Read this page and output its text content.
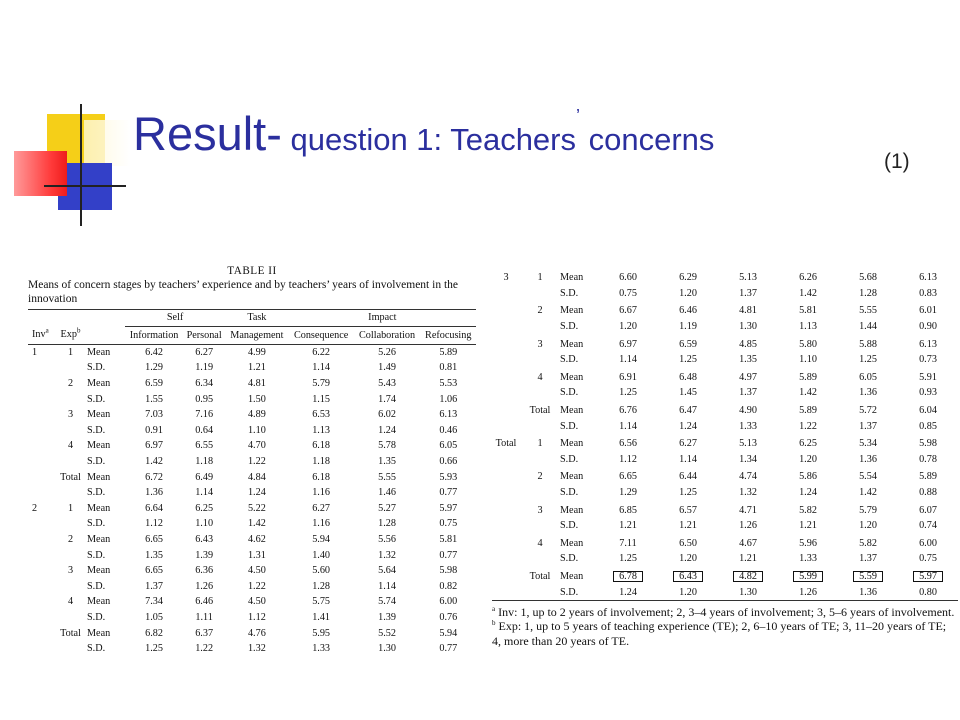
Result- question 1: Teachers’ concerns
(1)
TABLE II
Means of concern stages by teachers’ experience and by teachers’ years of involvement in the innovation
			Self		Task	Impact		
Inv$^a$	Exp$^b$		Information	Personal	Management	Consequence	Collaboration	Refocusing
1	1	Mean	6.42	6.27	4.99	6.22	5.26	5.89
		S.D.	1.29	1.19	1.21	1.14	1.49	0.81
	2	Mean	6.59	6.34	4.81	5.79	5.43	5.53
		S.D.	1.55	0.95	1.50	1.15	1.74	1.06
	3	Mean	7.03	7.16	4.89	6.53	6.02	6.13
		S.D.	0.91	0.64	1.10	1.13	1.24	0.46
	4	Mean	6.97	6.55	4.70	6.18	5.78	6.05
		S.D.	1.42	1.18	1.22	1.18	1.35	0.66
	Total	Mean	6.72	6.49	4.84	6.18	5.55	5.93
		S.D.	1.36	1.14	1.24	1.16	1.46	0.77
2	1	Mean	6.64	6.25	5.22	6.27	5.27	5.97
		S.D.	1.12	1.10	1.42	1.16	1.28	0.75
	2	Mean	6.65	6.43	4.62	5.94	5.56	5.81
		S.D.	1.35	1.39	1.31	1.40	1.32	0.77
	3	Mean	6.65	6.36	4.50	5.60	5.64	5.98
		S.D.	1.37	1.26	1.22	1.28	1.14	0.82
	4	Mean	7.34	6.46	4.50	5.75	5.74	6.00
		S.D.	1.05	1.11	1.12	1.41	1.39	0.76
	Total	Mean	6.82	6.37	4.76	5.95	5.52	5.94
		S.D.	1.25	1.22	1.32	1.33	1.30	0.77
3	1	Mean	6.60	6.29	5.13	6.26	5.68	6.13
		S.D.	0.75	1.20	1.37	1.42	1.28	0.83
	2	Mean	6.67	6.46	4.81	5.81	5.55	6.01
		S.D.	1.20	1.19	1.30	1.13	1.44	0.90
	3	Mean	6.97	6.59	4.85	5.80	5.88	6.13
		S.D.	1.14	1.25	1.35	1.10	1.25	0.73
	4	Mean	6.91	6.48	4.97	5.89	6.05	5.91
		S.D.	1.25	1.45	1.37	1.42	1.36	0.93
	Total	Mean	6.76	6.47	4.90	5.89	5.72	6.04
		S.D.	1.14	1.24	1.33	1.22	1.37	0.85
Total	1	Mean	6.56	6.27	5.13	6.25	5.34	5.98
		S.D.	1.12	1.14	1.34	1.20	1.36	0.78
	2	Mean	6.65	6.44	4.74	5.86	5.54	5.89
		S.D.	1.29	1.25	1.32	1.24	1.42	0.88
	3	Mean	6.85	6.57	4.71	5.82	5.79	6.07
		S.D.	1.21	1.21	1.26	1.21	1.20	0.74
	4	Mean	7.11	6.50	4.67	5.96	5.82	6.00
		S.D.	1.25	1.20	1.21	1.33	1.37	0.75
	Total	Mean	6.78	6.43	4.82	5.99	5.59	5.97
		S.D.	1.24	1.20	1.30	1.26	1.36	0.80
$^a$ Inv: 1, up to 2 years of involvement; 2, 3–4 years of involvement; 3, 5–6 years of involvement.
$^b$ Exp: 1, up to 5 years of teaching experience (TE); 2, 6–10 years of TE; 3, 11–20 years of TE; 4, more than 20 years of TE.
